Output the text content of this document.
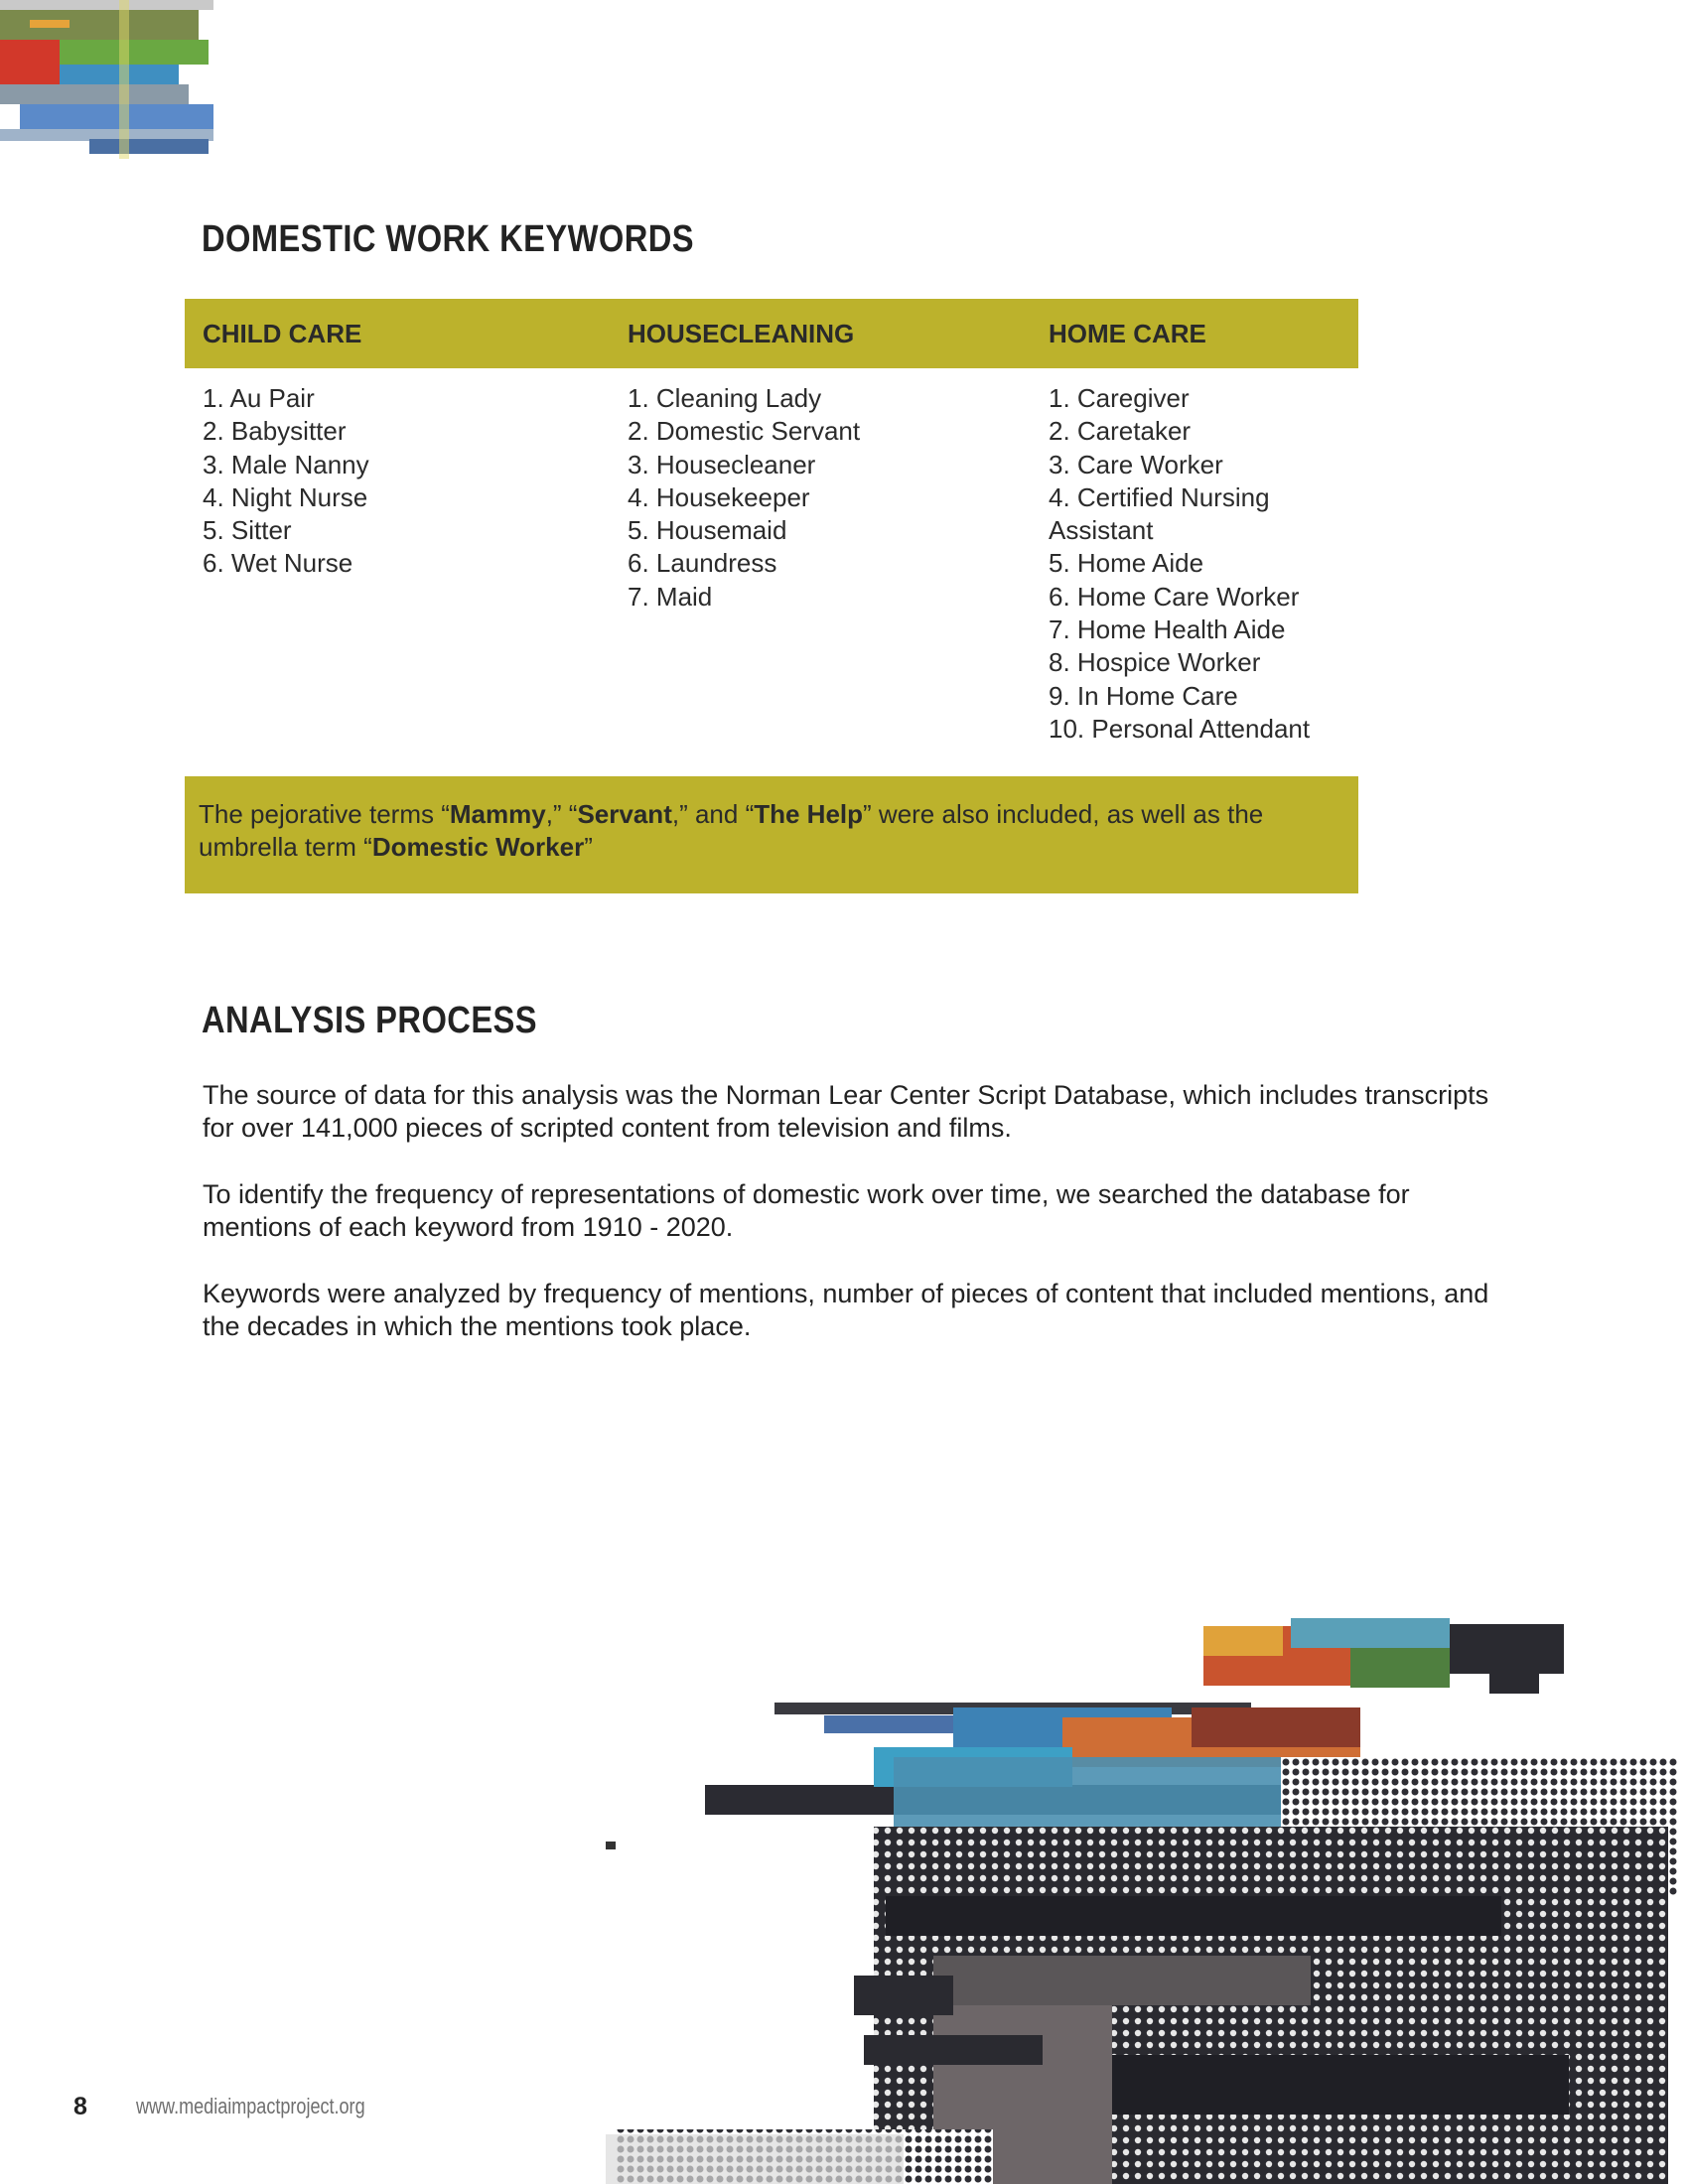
DOMESTIC WORK KEYWORDS
CHILD CARE	HOUSECLEANING	HOME CARE
1. Au Pair
2. Babysitter
3. Male Nanny
4. Night Nurse
5. Sitter
6. Wet Nurse
1. Cleaning Lady
2. Domestic Servant
3. Housecleaner
4. Housekeeper
5. Housemaid
6. Laundress
7. Maid
1. Caregiver
2. Caretaker
3. Care Worker
4. Certified Nursing
Assistant
5. Home Aide
6. Home Care Worker
7. Home Health Aide
8. Hospice Worker
9. In Home Care
10. Personal Attendant

The pejorative terms “Mammy,” “Servant,” and “The Help” were also included, as well as the umbrella term “Domestic Worker”

ANALYSIS PROCESS

The source of data for this analysis was the Norman Lear Center Script Database, which includes transcripts for over 141,000 pieces of scripted content from television and films.

To identify the frequency of representations of domestic work over time, we searched the database for mentions of each keyword from 1910 - 2020.

Keywords were analyzed by frequency of mentions, number of pieces of content that included mentions, and the decades in which the mentions took place.

8 www.mediaimpactproject.org
